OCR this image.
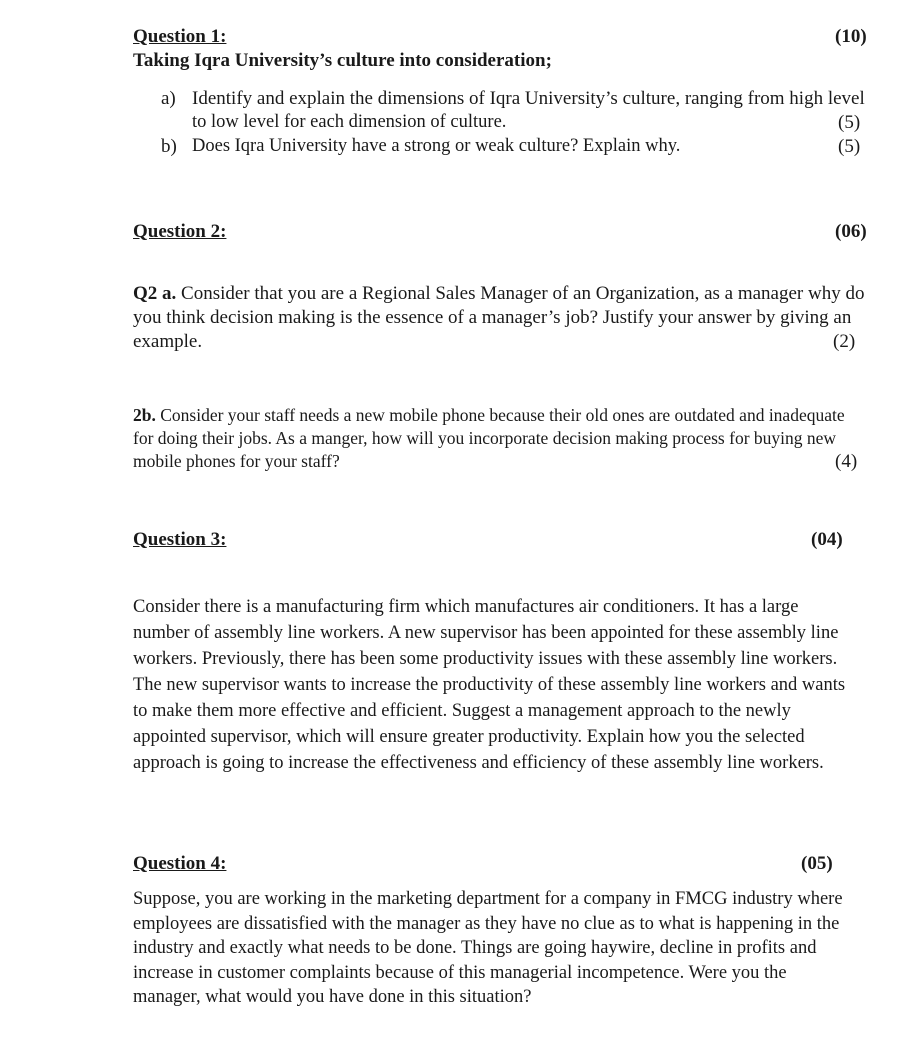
Question 1:	(10)
Taking Iqra University’s culture into consideration;
a) Identify and explain the dimensions of Iqra University’s culture, ranging from high level
to low level for each dimension of culture.	(5)
b) Does Iqra University have a strong or weak culture? Explain why.	(5)
Question 2:	(06)
Q2 a. Consider that you are a Regional Sales Manager of an Organization, as a manager why do
you think decision making is the essence of a manager’s job? Justify your answer by giving an
example.	(2)
2b. Consider your staff needs a new mobile phone because their old ones are outdated and inadequate
for doing their jobs. As a manger, how will you incorporate decision making process for buying new
mobile phones for your staff?	(4)
Question 3:	(04)
Consider there is a manufacturing firm which manufactures air conditioners. It has a large
number of assembly line workers. A new supervisor has been appointed for these assembly line
workers. Previously, there has been some productivity issues with these assembly line workers.
The new supervisor wants to increase the productivity of these assembly line workers and wants
to make them more effective and efficient. Suggest a management approach to the newly
appointed supervisor, which will ensure greater productivity. Explain how you the selected
approach is going to increase the effectiveness and efficiency of these assembly line workers.
Question 4:	(05)
Suppose, you are working in the marketing department for a company in FMCG industry where
employees are dissatisfied with the manager as they have no clue as to what is happening in the
industry and exactly what needs to be done. Things are going haywire, decline in profits and
increase in customer complaints because of this managerial incompetence. Were you the
manager, what would you have done in this situation?
